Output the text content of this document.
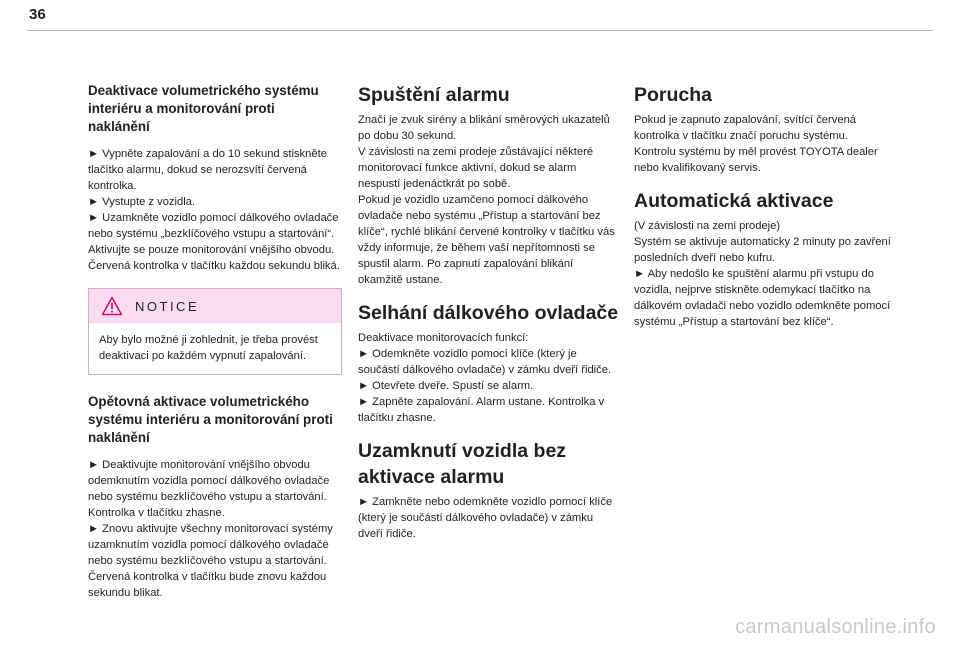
36
Deaktivace volumetrického systému interiéru a monitorování proti naklánění

► Vypněte zapalování a do 10 sekund stiskněte tlačítko alarmu, dokud se nerozsvítí červená kontrolka.
► Vystupte z vozidla.
► Uzamkněte vozidlo pomocí dálkového ovladače nebo systému „bezklíčového vstupu a startování“.
Aktivujte se pouze monitorování vnějšího obvodu. Červená kontrolka v tlačítku každou sekundu bliká.

NOTICE
Aby bylo možné ji zohlednit, je třeba provést deaktivaci po každém vypnutí zapalování.
Opětovná aktivace volumetrického systému interiéru a monitorování proti naklánění

► Deaktivujte monitorování vnějšího obvodu odemknutím vozidla pomocí dálkového ovladače nebo systému bezklíčového vstupu a startování.
Kontrolka v tlačítku zhasne.
► Znovu aktivujte všechny monitorovací systémy uzamknutím vozidla pomocí dálkového ovladače nebo systému bezklíčového vstupu a startování.
Červená kontrolka v tlačítku bude znovu každou sekundu blikat.

Spuštění alarmu

Značí je zvuk sirény a blikání směrových ukazatelů po dobu 30 sekund.
V závislosti na zemi prodeje zůstávající některé monitorovací funkce aktivní, dokud se alarm nespustí jedenáctkrát po sobě.
Pokud je vozidlo uzamčeno pomocí dálkového ovladače nebo systému „Přístup a startování bez klíče“, rychlé blikání červené kontrolky v tlačítku vás vždy informuje, že během vaší nepřítomnosti se spustil alarm. Po zapnutí zapalování blikání okamžitě ustane.

Selhání dálkového ovladače

Deaktivace monitorovacích funkcí:
► Odemkněte vozidlo pomocí klíče (který je součástí dálkového ovladače) v zámku dveří řidiče.
► Otevřete dveře. Spustí se alarm.
► Zapněte zapalování. Alarm ustane. Kontrolka v tlačítku zhasne.

Uzamknutí vozidla bez aktivace alarmu

► Zamkněte nebo odemkněte vozidlo pomocí klíče (který je součástí dálkového ovladače) v zámku dveří řidiče.

Porucha

Pokud je zapnuto zapalování, svítící červená kontrolka v tlačítku značí poruchu systému.
Kontrolu systému by měl provést TOYOTA dealer nebo kvalifikovaný servis.

Automatická aktivace

(V závislosti na zemi prodeje)
Systém se aktivuje automaticky 2 minuty po zavření posledních dveří nebo kufru.
► Aby nedošlo ke spuštění alarmu při vstupu do vozidla, nejprve stiskněte odemykací tlačítko na dálkovém ovladači nebo vozidlo odemkněte pomocí systému „Přístup a startování bez klíče“.

carmanualsonline.info
